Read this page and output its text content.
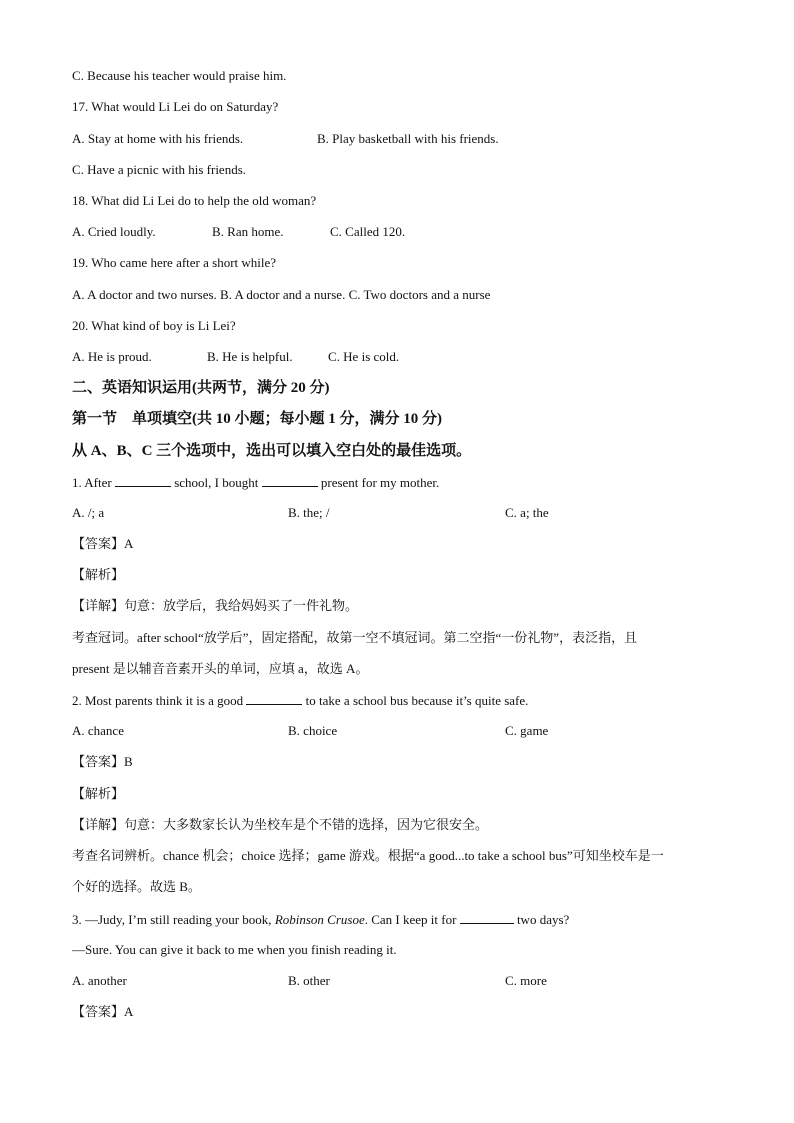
C. Because his teacher would praise him.
17. What would Li Lei do on Saturday?
A. Stay at home with his friends.	B. Play basketball with his friends.
C. Have a picnic with his friends.
18. What did Li Lei do to help the old woman?
A. Cried loudly.	B. Ran home.	C. Called 120.
19. Who came here after a short while?
A. A doctor and two nurses. B. A doctor and a nurse. C. Two doctors and a nurse
20. What kind of boy is Li Lei?
A. He is proud.	B. He is helpful.	C. He is cold.
二、英语知识运用(共两节，满分 20 分)
第一节　单项填空(共 10 小题；每小题 1 分，满分 10 分)
从 A、B、C 三个选项中，选出可以填入空白处的最佳选项。
1. After	school, I bought	present for my mother.
A. /; a	B. the; /	C. a; the
【答案】A
【解析】
【详解】句意：放学后，我给妈妈买了一件礼物。
考查冠词。after school“放学后”，固定搭配，故第一空不填冠词。第二空指“一份礼物”，表泛指，且
present 是以辅音音素开头的单词，应填 a，故选 A。
2. Most parents think it is a good	to take a school bus because it’s quite safe.
A. chance	B. choice	C. game
【答案】B
【解析】
【详解】句意：大多数家长认为坐校车是个不错的选择，因为它很安全。
考查名词辨析。chance 机会；choice 选择；game 游戏。根据“a good...to take a school bus”可知坐校车是一
个好的选择。故选 B。
3. —Judy, I’m still reading your book, Robinson Crusoe. Can I keep it for	two days?
—Sure. You can give it back to me when you finish reading it.
A. another	B. other	C. more
【答案】A
